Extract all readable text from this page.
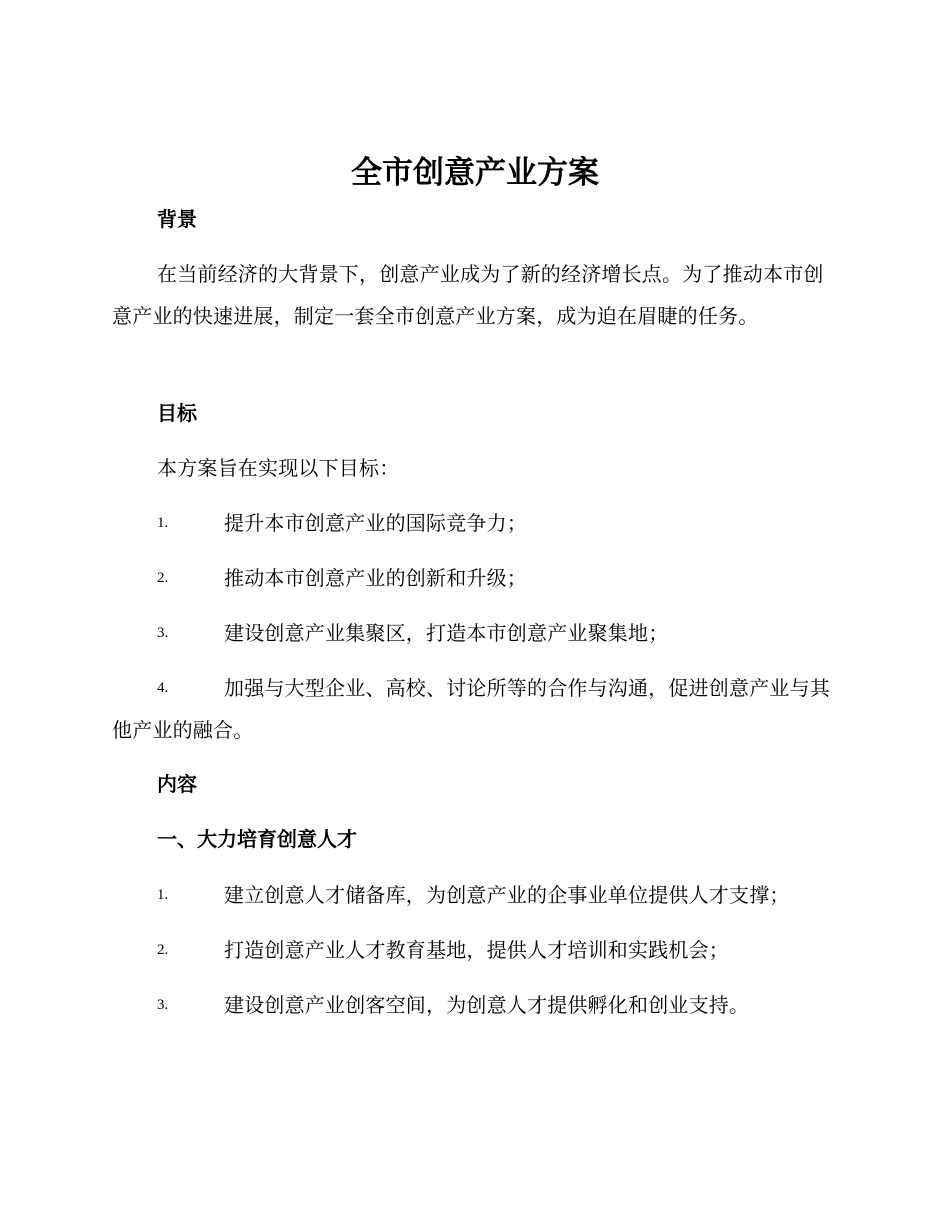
全市创意产业方案
背景

在当前经济的大背景下，创意产业成为了新的经济增长点。为了推动本市创意产业的快速进展，制定一套全市创意产业方案，成为迫在眉睫的任务。

目标

本方案旨在实现以下目标：

1.	提升本市创意产业的国际竞争力；
2.	推动本市创意产业的创新和升级；
3.	建设创意产业集聚区，打造本市创意产业聚集地；
4.	加强与大型企业、高校、讨论所等的合作与沟通，促进创意产业与其他产业的融合。
内容
一、大力培育创意人才
1.	建立创意人才储备库，为创意产业的企事业单位提供人才支撑；
2.	打造创意产业人才教育基地，提供人才培训和实践机会；
3.	建设创意产业创客空间，为创意人才提供孵化和创业支持。
